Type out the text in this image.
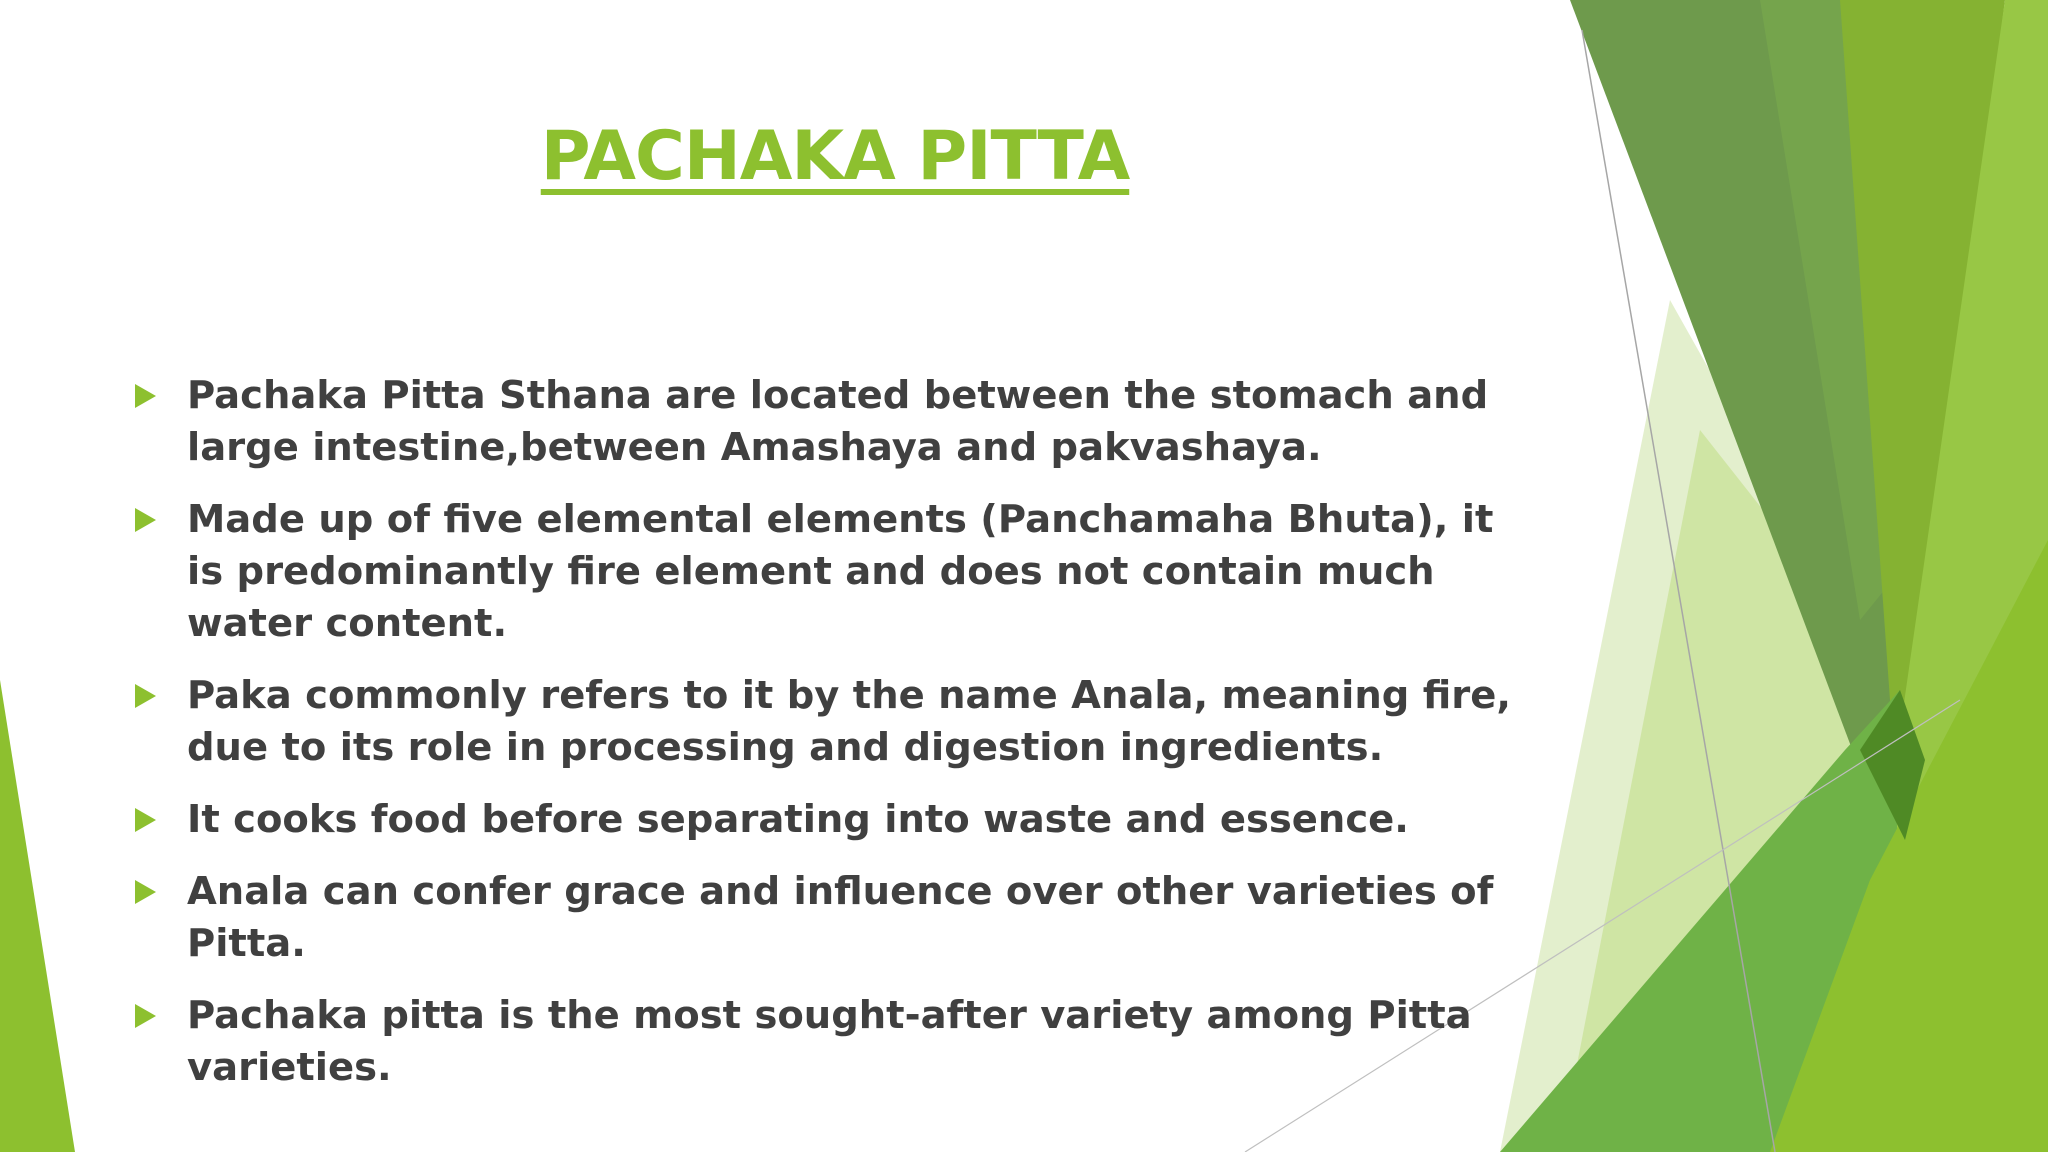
PACHAKA PITTA
Pachaka Pitta Sthana are located between the stomach and large intestine,between Amashaya and pakvashaya.
Made up of five elemental elements (Panchamaha Bhuta), it is predominantly fire element and does not contain much water content.
Paka commonly refers to it by the name Anala, meaning fire, due to its role in processing and digestion ingredients.
It cooks food before separating into waste and essence.
Anala can confer grace and influence over other varieties of Pitta.
Pachaka pitta is the most sought-after variety among Pitta varieties.
